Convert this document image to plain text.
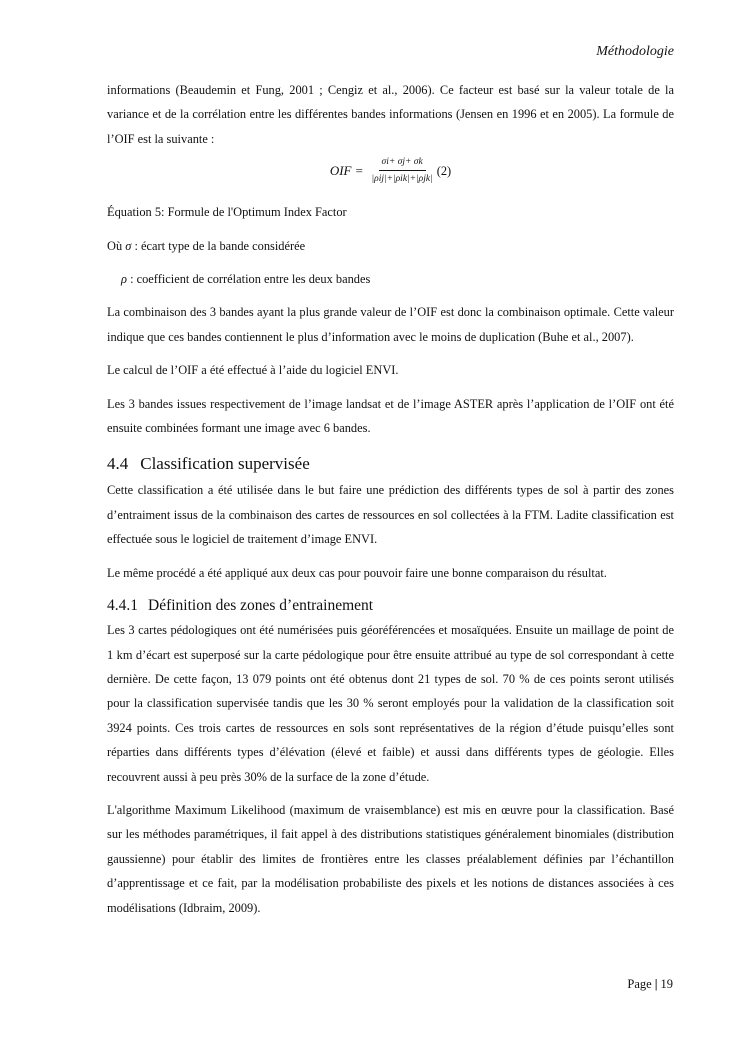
Méthodologie

informations (Beaudemin et Fung, 2001 ; Cengiz et al., 2006). Ce facteur est basé sur la valeur totale de la variance et de la corrélation entre les différentes bandes informations (Jensen en 1996 et en 2005). La formule de l’OIF est la suivante :

OIF = $\frac{\sigma i+ \sigma j+ \sigma k}{\text{|ρij|+|ρik|+|ρjk|}} (2)$

Équation 5: Formule de l'Optimum Index Factor

Où σ : écart type de la bande considérée

ρ : coefficient de corrélation entre les deux bandes

La combinaison des 3 bandes ayant la plus grande valeur de l’OIF est donc la combinaison optimale. Cette valeur indique que ces bandes contiennent le plus d’information avec le moins de duplication (Buhe et al., 2007).

Le calcul de l’OIF a été effectué à l’aide du logiciel ENVI.

Les 3 bandes issues respectivement de l’image landsat et de l’image ASTER après l’application de l’OIF ont été ensuite combinées formant une image avec 6 bandes.

4.4 Classification supervisée

Cette classification a été utilisée dans le but faire une prédiction des différents types de sol à partir des zones d’entraiment issus de la combinaison des cartes de ressources en sol collectées à la FTM. Ladite classification est effectuée sous le logiciel de traitement d’image ENVI.

Le même procédé a été appliqué aux deux cas pour pouvoir faire une bonne comparaison du résultat.

4.4.1 Définition des zones d’entrainement

Les 3 cartes pédologiques ont été numérisées puis géoréférencées et mosaïquées. Ensuite un maillage de point de 1 km d’écart est superposé sur la carte pédologique pour être ensuite attribué au type de sol correspondant à cette dernière. De cette façon, 13 079 points ont été obtenus dont 21 types de sol. 70 % de ces points seront utilisés pour la classification supervisée tandis que les 30 % seront employés pour la validation de la classification soit 3924 points. Ces trois cartes de ressources en sols sont représentatives de la région d’étude puisqu’elles sont réparties dans différents types d’élévation (élevé et faible) et aussi dans différents types de géologie. Elles recouvrent aussi à peu près 30% de la surface de la zone d’étude.

L'algorithme Maximum Likelihood (maximum de vraisemblance) est mis en œuvre pour la classification. Basé sur les méthodes paramétriques, il fait appel à des distributions statistiques généralement binomiales (distribution gaussienne) pour établir des limites de frontières entre les classes préalablement définies par l’échantillon d’apprentissage et ce fait, par la modélisation probabiliste des pixels et les notions de distances associées à ces modélisations (Idbraim, 2009).

Page | 19
